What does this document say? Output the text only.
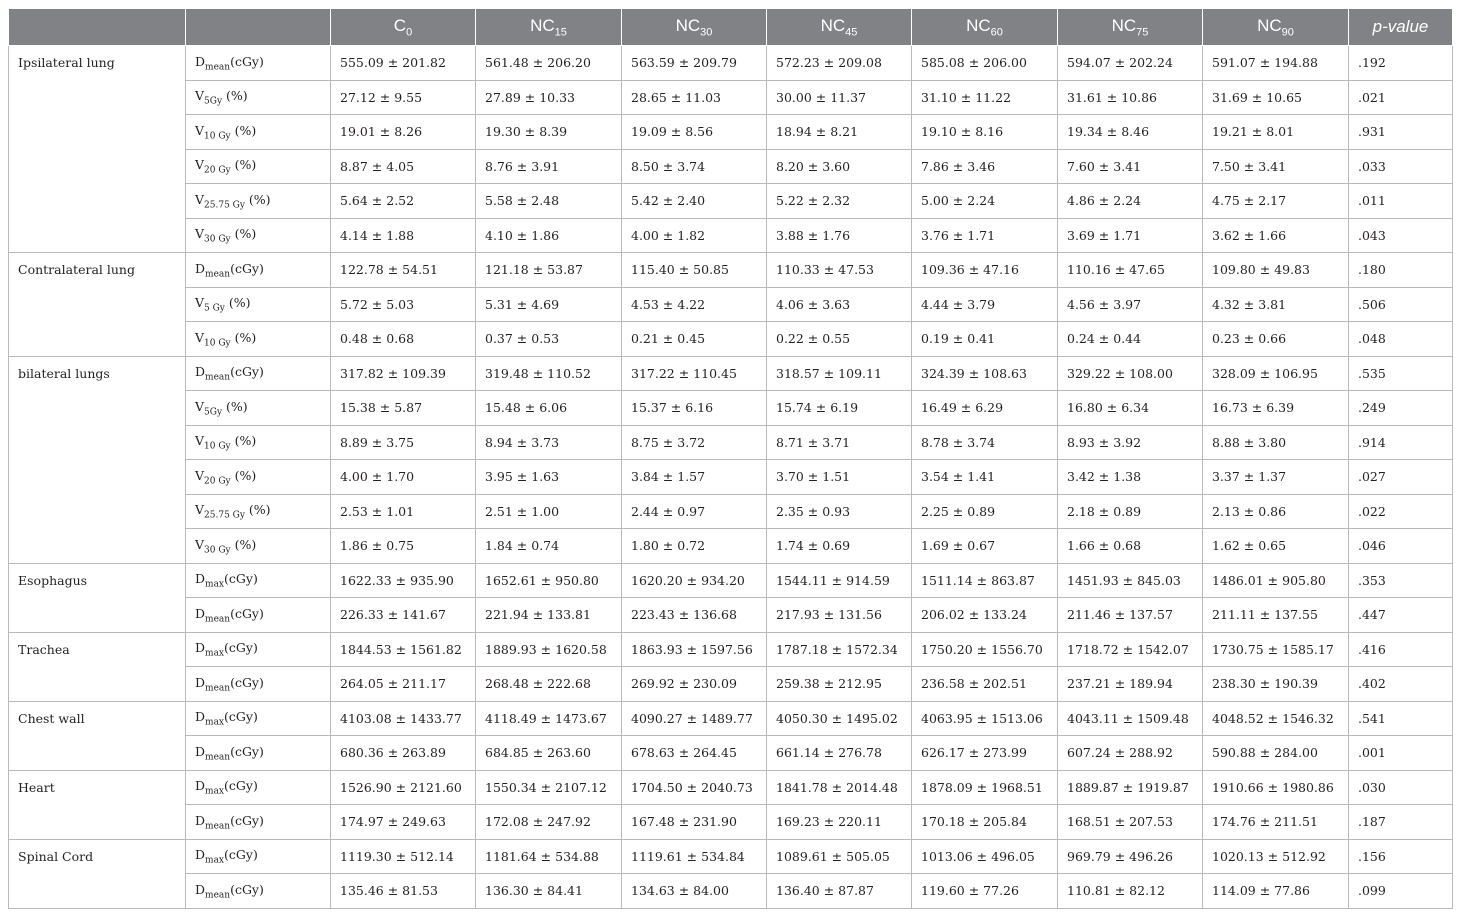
		$C_0$	$NC_{15}$	$NC_{30}$	$NC_{45}$	$NC_{60}$	$NC_{75}$	$NC_{90}$	p-value
Ipsilateral lung	$D_{mean}(cGy)$	555.09 ± 201.82	561.48 ± 206.20	563.59 ± 209.79	572.23 ± 209.08	585.08 ± 206.00	594.07 ± 202.24	591.07 ± 194.88	.192
	$V_{5Gy}$ (%)	27.12 ± 9.55	27.89 ± 10.33	28.65 ± 11.03	30.00 ± 11.37	31.10 ± 11.22	31.61 ± 10.86	31.69 ± 10.65	.021
	$V_{10 Gy}$ (%)	19.01 ± 8.26	19.30 ± 8.39	19.09 ± 8.56	18.94 ± 8.21	19.10 ± 8.16	19.34 ± 8.46	19.21 ± 8.01	.931
	$V_{20 Gy}$ (%)	8.87 ± 4.05	8.76 ± 3.91	8.50 ± 3.74	8.20 ± 3.60	7.86 ± 3.46	7.60 ± 3.41	7.50 ± 3.41	.033
	$V_{25.75 Gy}$ (%)	5.64 ± 2.52	5.58 ± 2.48	5.42 ± 2.40	5.22 ± 2.32	5.00 ± 2.24	4.86 ± 2.24	4.75 ± 2.17	.011
	$V_{30 Gy}$ (%)	4.14 ± 1.88	4.10 ± 1.86	4.00 ± 1.82	3.88 ± 1.76	3.76 ± 1.71	3.69 ± 1.71	3.62 ± 1.66	.043
Contralateral lung	$D_{mean}(cGy)$	122.78 ± 54.51	121.18 ± 53.87	115.40 ± 50.85	110.33 ± 47.53	109.36 ± 47.16	110.16 ± 47.65	109.80 ± 49.83	.180
	$V_{5 Gy}$ (%)	5.72 ± 5.03	5.31 ± 4.69	4.53 ± 4.22	4.06 ± 3.63	4.44 ± 3.79	4.56 ± 3.97	4.32 ± 3.81	.506
	$V_{10 Gy}$ (%)	0.48 ± 0.68	0.37 ± 0.53	0.21 ± 0.45	0.22 ± 0.55	0.19 ± 0.41	0.24 ± 0.44	0.23 ± 0.66	.048
bilateral lungs	$D_{mean}(cGy)$	317.82 ± 109.39	319.48 ± 110.52	317.22 ± 110.45	318.57 ± 109.11	324.39 ± 108.63	329.22 ± 108.00	328.09 ± 106.95	.535
	$V_{5Gy}$ (%)	15.38 ± 5.87	15.48 ± 6.06	15.37 ± 6.16	15.74 ± 6.19	16.49 ± 6.29	16.80 ± 6.34	16.73 ± 6.39	.249
	$V_{10 Gy}$ (%)	8.89 ± 3.75	8.94 ± 3.73	8.75 ± 3.72	8.71 ± 3.71	8.78 ± 3.74	8.93 ± 3.92	8.88 ± 3.80	.914
	$V_{20 Gy}$ (%)	4.00 ± 1.70	3.95 ± 1.63	3.84 ± 1.57	3.70 ± 1.51	3.54 ± 1.41	3.42 ± 1.38	3.37 ± 1.37	.027
	$V_{25.75 Gy}$ (%)	2.53 ± 1.01	2.51 ± 1.00	2.44 ± 0.97	2.35 ± 0.93	2.25 ± 0.89	2.18 ± 0.89	2.13 ± 0.86	.022
	$V_{30 Gy}$ (%)	1.86 ± 0.75	1.84 ± 0.74	1.80 ± 0.72	1.74 ± 0.69	1.69 ± 0.67	1.66 ± 0.68	1.62 ± 0.65	.046
Esophagus	$D_{max}(cGy)$	1622.33 ± 935.90	1652.61 ± 950.80	1620.20 ± 934.20	1544.11 ± 914.59	1511.14 ± 863.87	1451.93 ± 845.03	1486.01 ± 905.80	.353
	$D_{mean}(cGy)$	226.33 ± 141.67	221.94 ± 133.81	223.43 ± 136.68	217.93 ± 131.56	206.02 ± 133.24	211.46 ± 137.57	211.11 ± 137.55	.447
Trachea	$D_{max}(cGy)$	1844.53 ± 1561.82	1889.93 ± 1620.58	1863.93 ± 1597.56	1787.18 ± 1572.34	1750.20 ± 1556.70	1718.72 ± 1542.07	1730.75 ± 1585.17	.416
	$D_{mean}(cGy)$	264.05 ± 211.17	268.48 ± 222.68	269.92 ± 230.09	259.38 ± 212.95	236.58 ± 202.51	237.21 ± 189.94	238.30 ± 190.39	.402
Chest wall	$D_{max}(cGy)$	4103.08 ± 1433.77	4118.49 ± 1473.67	4090.27 ± 1489.77	4050.30 ± 1495.02	4063.95 ± 1513.06	4043.11 ± 1509.48	4048.52 ± 1546.32	.541
	$D_{mean}(cGy)$	680.36 ± 263.89	684.85 ± 263.60	678.63 ± 264.45	661.14 ± 276.78	626.17 ± 273.99	607.24 ± 288.92	590.88 ± 284.00	.001
Heart	$D_{max}(cGy)$	1526.90 ± 2121.60	1550.34 ± 2107.12	1704.50 ± 2040.73	1841.78 ± 2014.48	1878.09 ± 1968.51	1889.87 ± 1919.87	1910.66 ± 1980.86	.030
	$D_{mean}(cGy)$	174.97 ± 249.63	172.08 ± 247.92	167.48 ± 231.90	169.23 ± 220.11	170.18 ± 205.84	168.51 ± 207.53	174.76 ± 211.51	.187
Spinal Cord	$D_{max}(cGy)$	1119.30 ± 512.14	1181.64 ± 534.88	1119.61 ± 534.84	1089.61 ± 505.05	1013.06 ± 496.05	969.79 ± 496.26	1020.13 ± 512.92	.156
	$D_{mean}(cGy)$	135.46 ± 81.53	136.30 ± 84.41	134.63 ± 84.00	136.40 ± 87.87	119.60 ± 77.26	110.81 ± 82.12	114.09 ± 77.86	.099
